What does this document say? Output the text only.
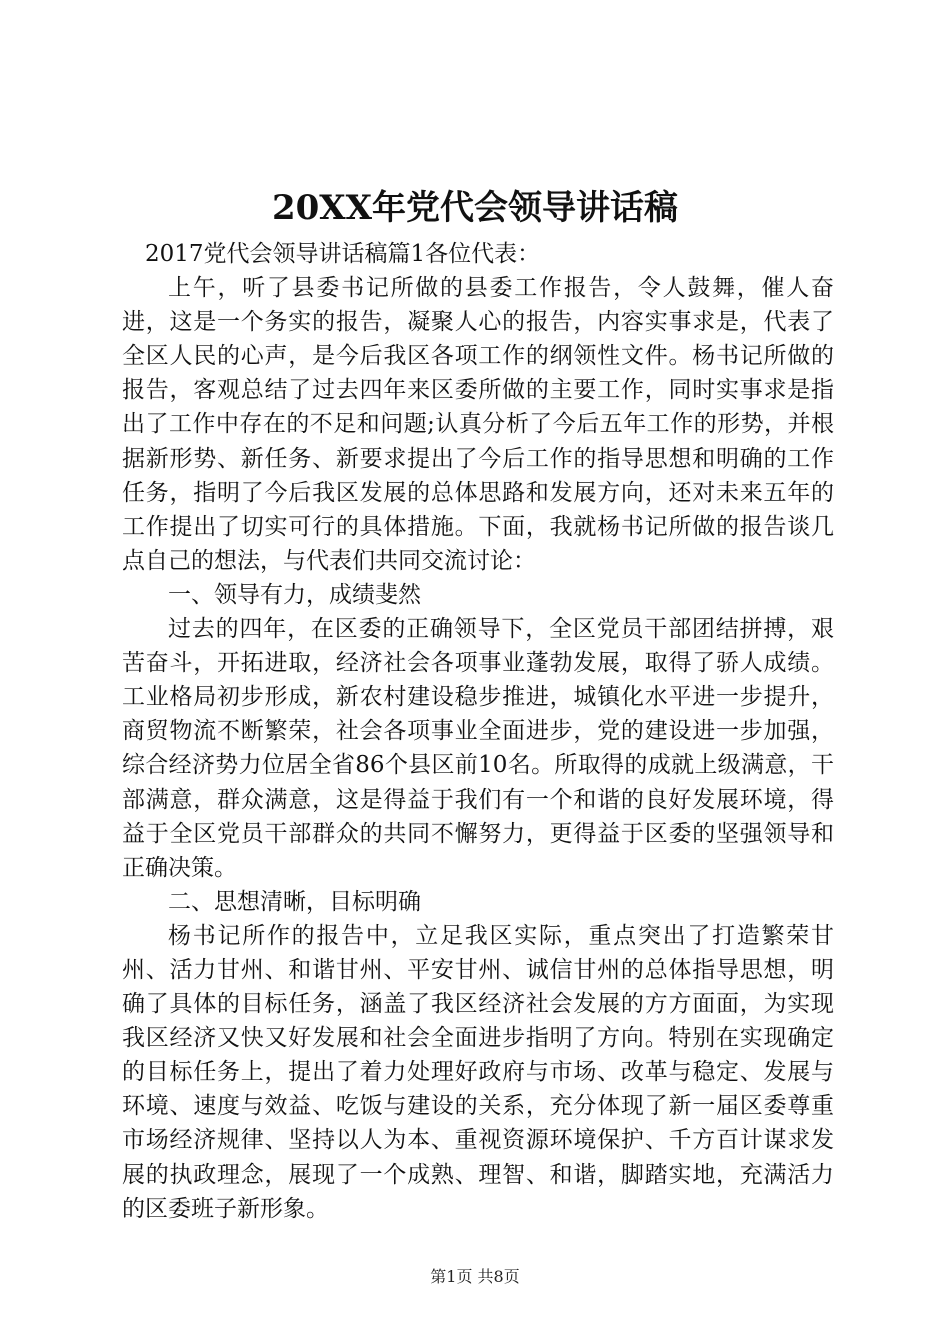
20XX年党代会领导讲话稿

2017党代会领导讲话稿篇1各位代表：

上午，听了县委书记所做的县委工作报告，令人鼓舞，催人奋进，这是一个务实的报告，凝聚人心的报告，内容实事求是，代表了全区人民的心声，是今后我区各项工作的纲领性文件。杨书记所做的报告，客观总结了过去四年来区委所做的主要工作，同时实事求是指出了工作中存在的不足和问题;认真分析了今后五年工作的形势，并根据新形势、新任务、新要求提出了今后工作的指导思想和明确的工作任务，指明了今后我区发展的总体思路和发展方向，还对未来五年的工作提出了切实可行的具体措施。下面，我就杨书记所做的报告谈几点自己的想法，与代表们共同交流讨论：

一、领导有力，成绩斐然

过去的四年，在区委的正确领导下，全区党员干部团结拼搏，艰苦奋斗，开拓进取，经济社会各项事业蓬勃发展，取得了骄人成绩。工业格局初步形成，新农村建设稳步推进，城镇化水平进一步提升，商贸物流不断繁荣，社会各项事业全面进步，党的建设进一步加强，综合经济势力位居全省86个县区前10名。所取得的成就上级满意，干部满意，群众满意，这是得益于我们有一个和谐的良好发展环境，得益于全区党员干部群众的共同不懈努力，更得益于区委的坚强领导和正确决策。

二、思想清晰，目标明确

杨书记所作的报告中，立足我区实际，重点突出了打造繁荣甘州、活力甘州、和谐甘州、平安甘州、诚信甘州的总体指导思想，明确了具体的目标任务，涵盖了我区经济社会发展的方方面面，为实现我区经济又快又好发展和社会全面进步指明了方向。特别在实现确定的目标任务上，提出了着力处理好政府与市场、改革与稳定、发展与环境、速度与效益、吃饭与建设的关系，充分体现了新一届区委尊重市场经济规律、坚持以人为本、重视资源环境保护、千方百计谋求发展的执政理念，展现了一个成熟、理智、和谐，脚踏实地，充满活力的区委班子新形象。

第1页 共8页
